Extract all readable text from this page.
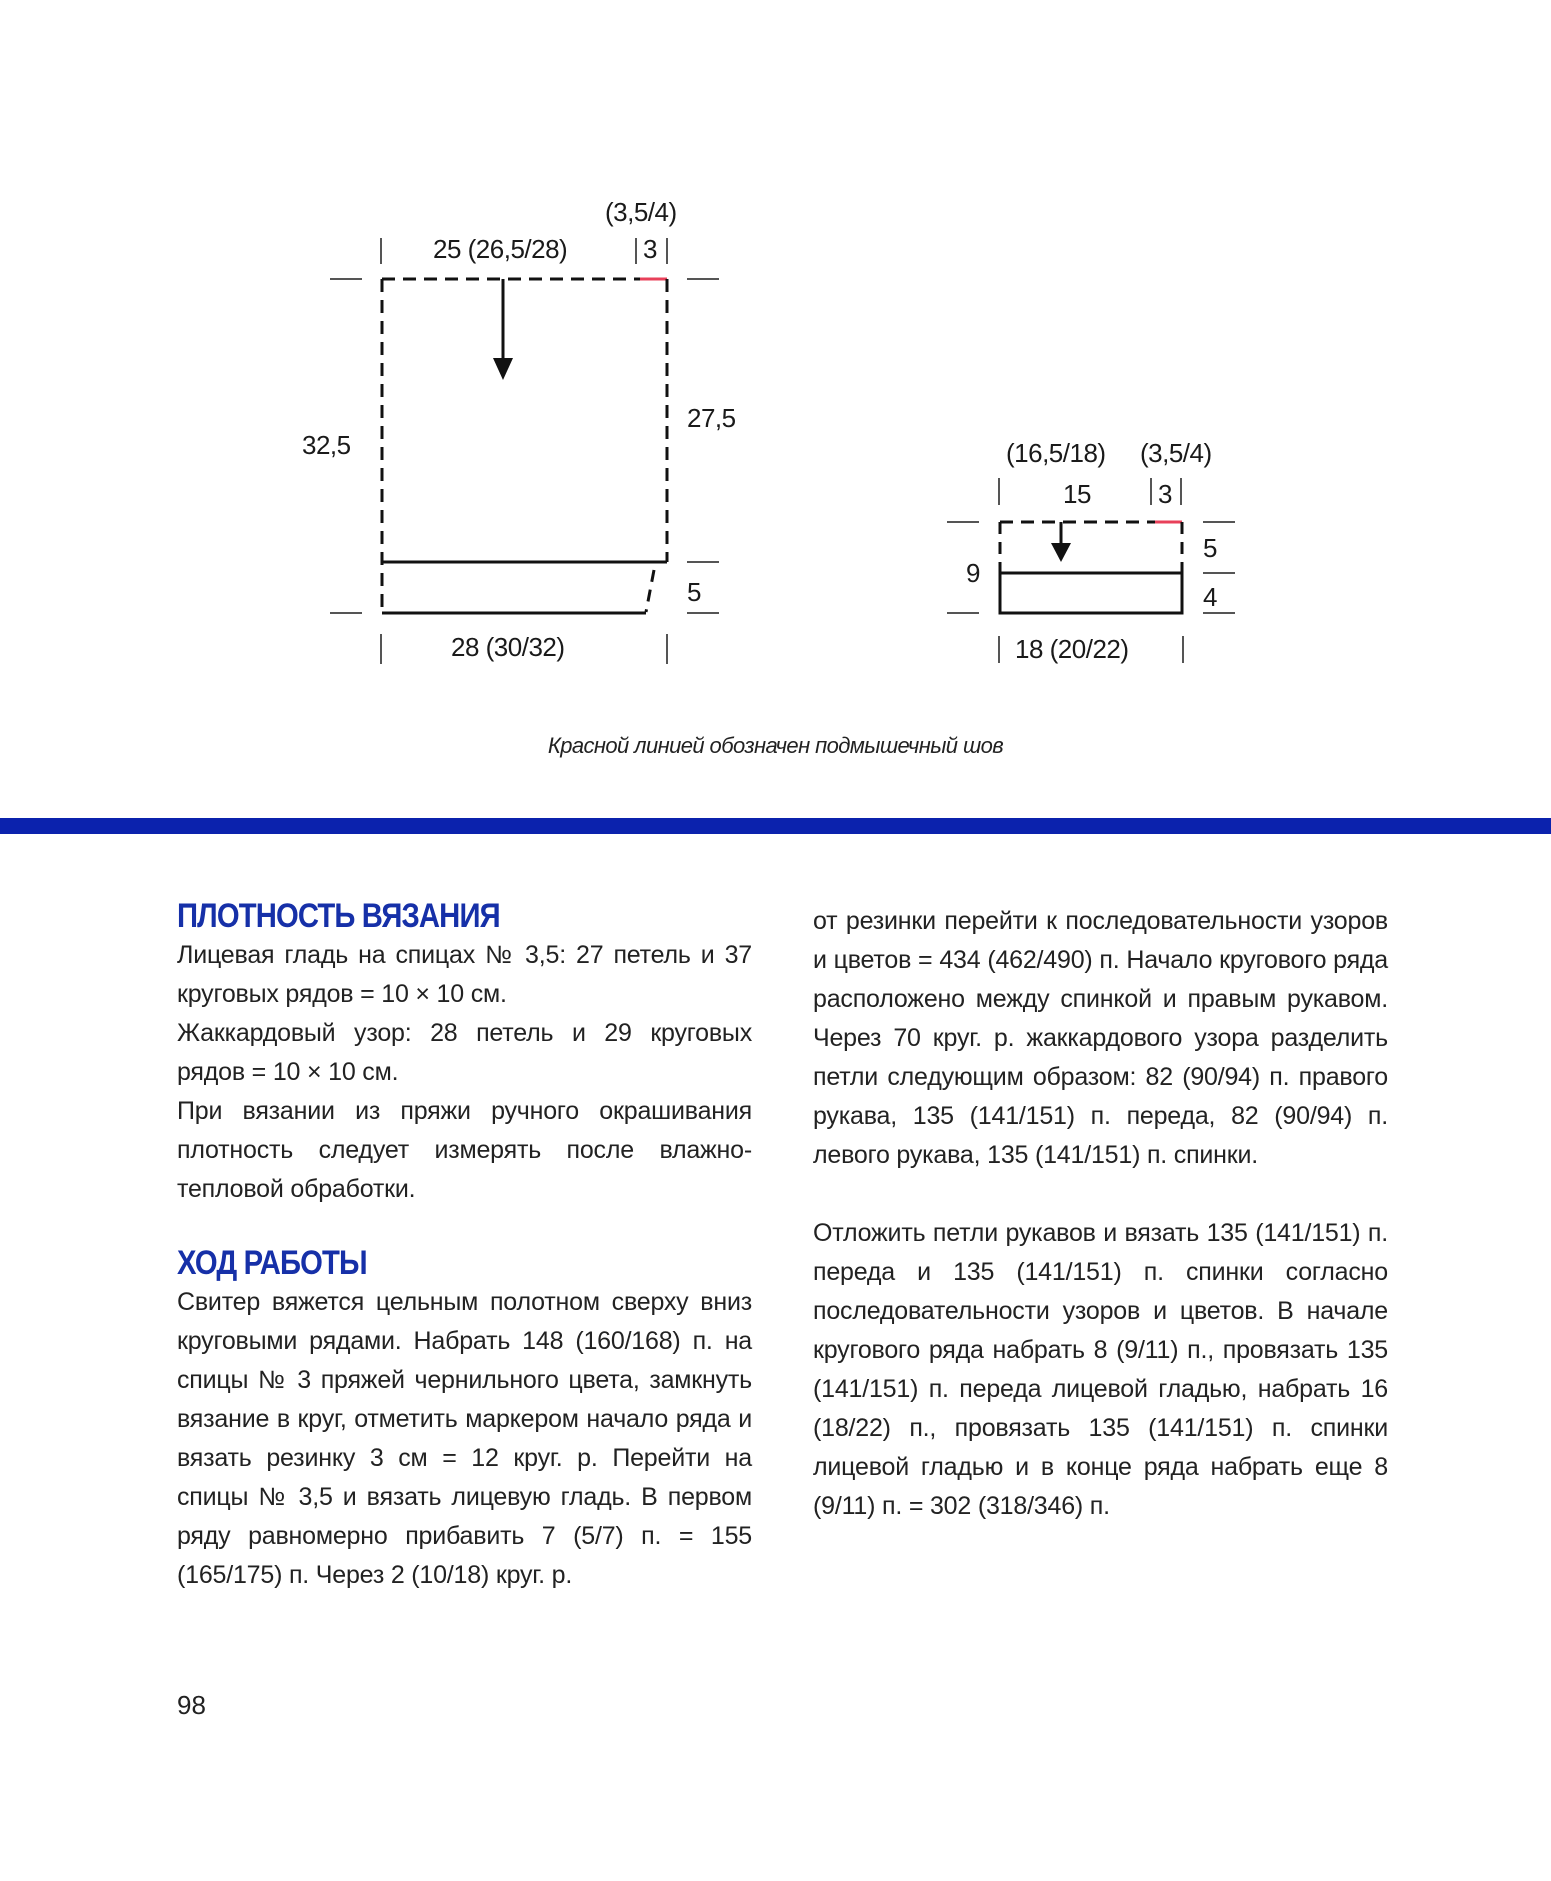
(3,5/4)
25 (26,5/28)	3
32,5
27,5
5
28 (30/32)
(16,5/18) (3,5/4)
15	3
9
5
4
18 (20/22)
Красной линией обозначен подмышечный шов
ПЛОТНОСТЬ ВЯЗАНИЯ

Лицевая гладь на спицах № 3,5: 27 петель и 37 круговых рядов = 10 × 10 см.

Жаккардовый узор: 28 петель и 29 круговых рядов = 10 × 10 см.

При вязании из пряжи ручного окрашивания плотность следует измерять после влажно-тепловой обработки.

ХОД РАБОТЫ

Свитер вяжется цельным полотном сверху вниз круговыми рядами. Набрать 148 (160/168) п. на спицы № 3 пряжей чернильного цвета, замкнуть вязание в круг, отметить маркером начало ряда и вязать резинку 3 см = 12 круг. р. Перейти на спицы № 3,5 и вязать лицевую гладь. В первом ряду равномерно прибавить 7 (5/7) п. = 155 (165/175) п. Через 2 (10/18) круг. р.

от резинки перейти к последовательности узоров и цветов = 434 (462/490) п. Начало кругового ряда расположено между спинкой и правым рукавом. Через 70 круг. р. жаккардового узора разделить петли следующим образом: 82 (90/94) п. правого рукава, 135 (141/151) п. переда, 82 (90/94) п. левого рукава, 135 (141/151) п. спинки.

Отложить петли рукавов и вязать 135 (141/151) п. переда и 135 (141/151) п. спинки согласно последовательности узоров и цветов. В начале кругового ряда набрать 8 (9/11) п., провязать 135 (141/151) п. переда лицевой гладью, набрать 16 (18/22) п., провязать 135 (141/151) п. спинки лицевой гладью и в конце ряда набрать еще 8 (9/11) п. = 302 (318/346) п.

98
